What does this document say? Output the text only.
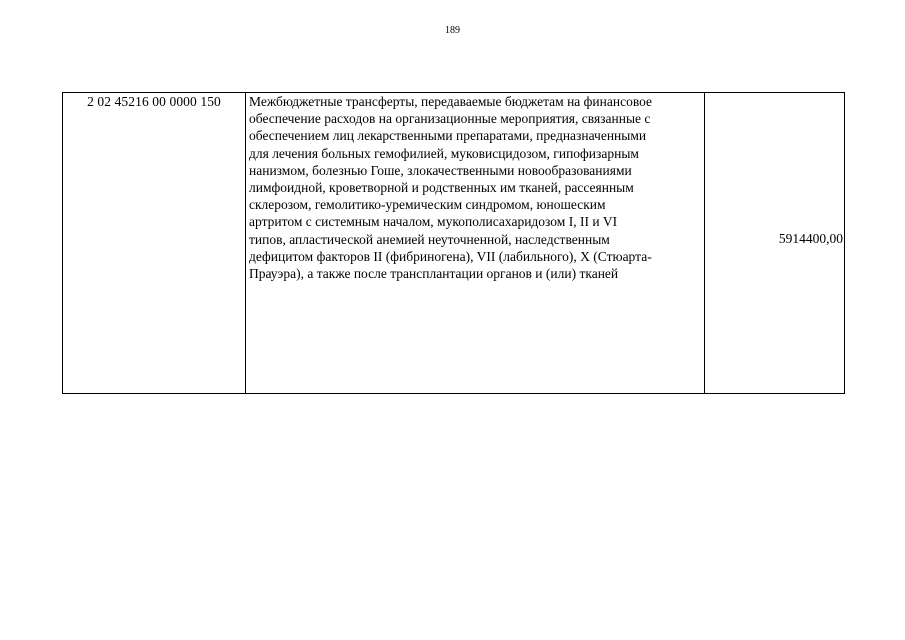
189
2 02 45216 00 0000 150	Межбюджетные трансферты, передаваемые бюджетам на финансовое
обеспечение расходов на организационные мероприятия, связанные с
обеспечением лиц лекарственными препаратами, предназначенными
для лечения больных гемофилией, муковисцидозом, гипофизарным
нанизмом, болезнью Гоше, злокачественными новообразованиями
лимфоидной, кроветворной и родственных им тканей, рассеянным
склерозом, гемолитико-уремическим синдромом, юношеским
артритом с системным началом, мукополисахаридозом I, II и VI
типов, апластической анемией неуточненной, наследственным
дефицитом факторов II (фибриногена), VII (лабильного), X (Стюарта-
Прауэра), а также после трансплантации органов и (или) тканей

5914400,00
